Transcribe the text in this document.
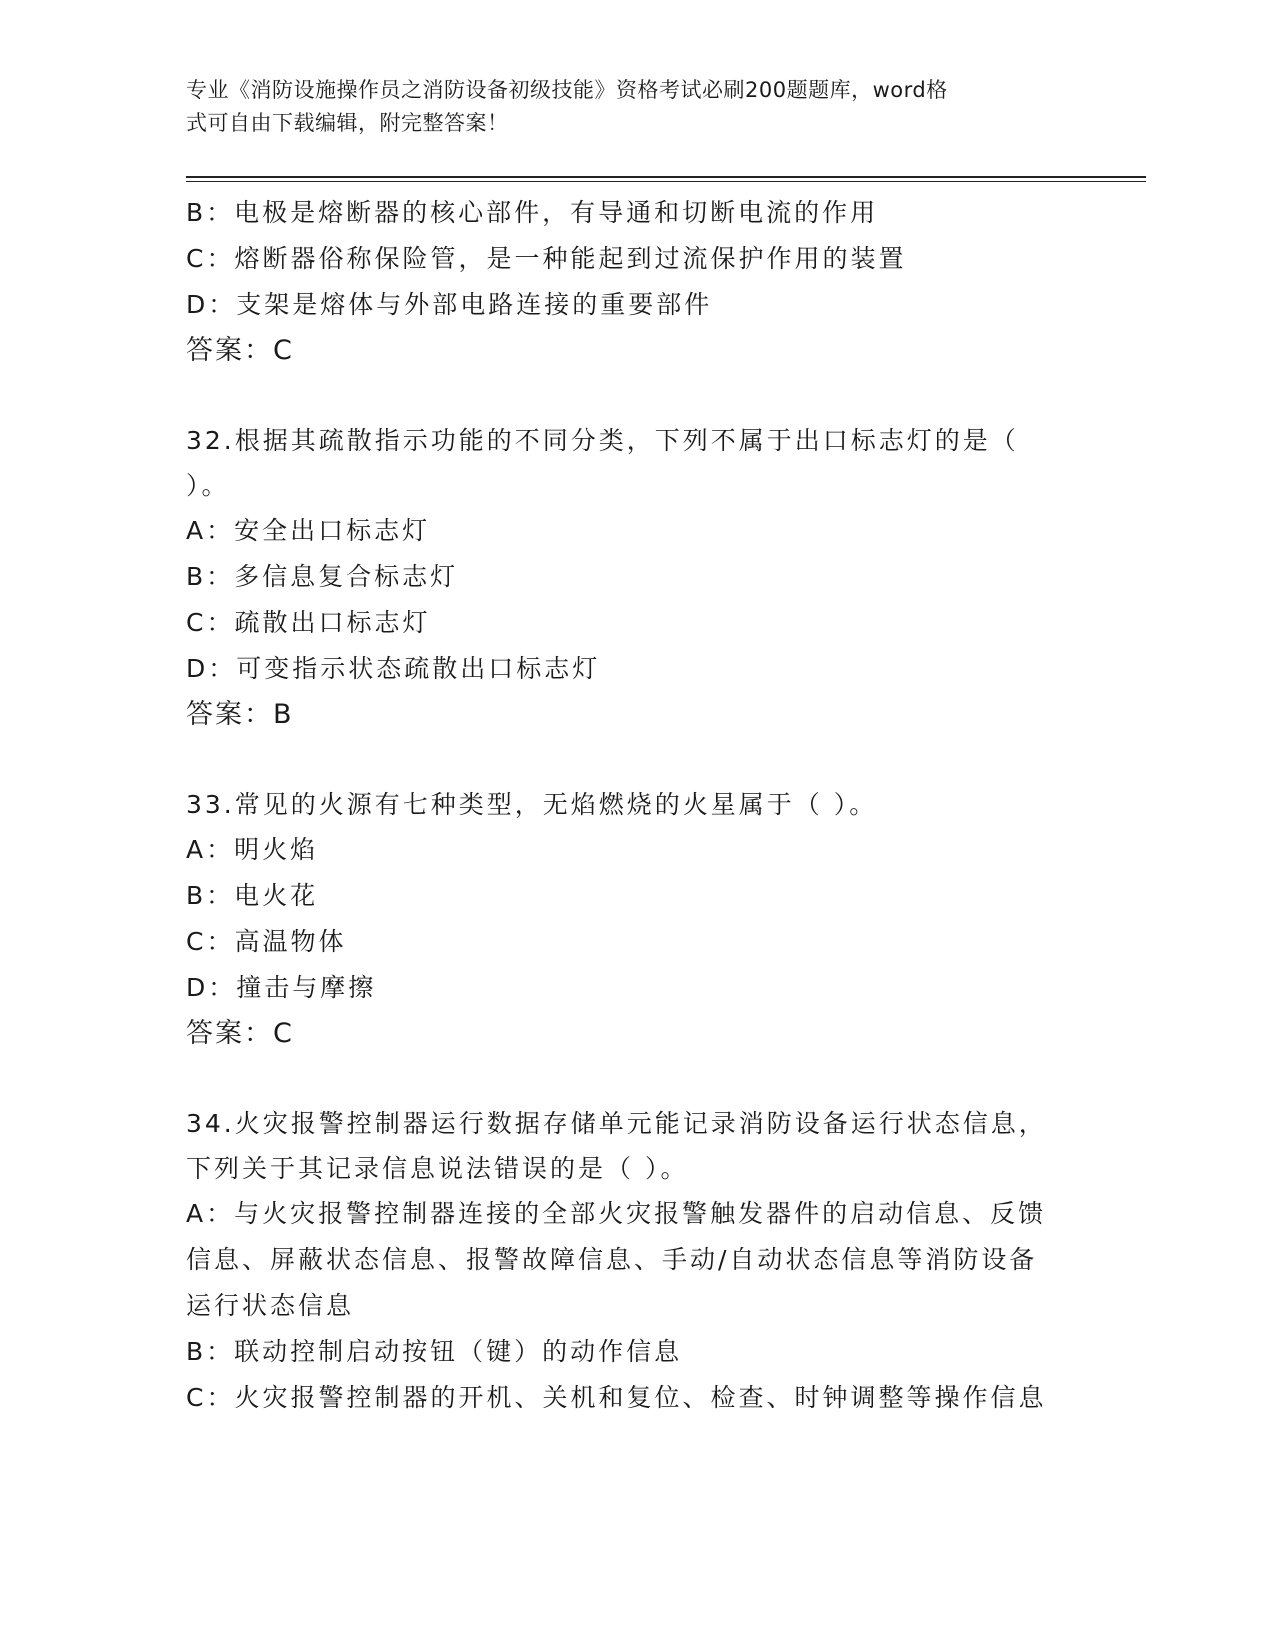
专业《消防设施操作员之消防设备初级技能》资格考试必刷200题题库，word格
式可自由下载编辑，附完整答案！
B：电极是熔断器的核心部件，有导通和切断电流的作用
C：熔断器俗称保险管，是一种能起到过流保护作用的装置
D：支架是熔体与外部电路连接的重要部件
答案：C
32.根据其疏散指示功能的不同分类，下列不属于出口标志灯的是（
）。
A：安全出口标志灯
B：多信息复合标志灯
C：疏散出口标志灯
D：可变指示状态疏散出口标志灯
答案：B
33.常见的火源有七种类型，无焰燃烧的火星属于（ ）。
A：明火焰
B：电火花
C：高温物体
D：撞击与摩擦
答案：C
34.火灾报警控制器运行数据存储单元能记录消防设备运行状态信息，
下列关于其记录信息说法错误的是（ ）。
A：与火灾报警控制器连接的全部火灾报警触发器件的启动信息、反馈
信息、屏蔽状态信息、报警故障信息、手动/自动状态信息等消防设备
运行状态信息
B：联动控制启动按钮（键）的动作信息
C：火灾报警控制器的开机、关机和复位、检查、时钟调整等操作信息
